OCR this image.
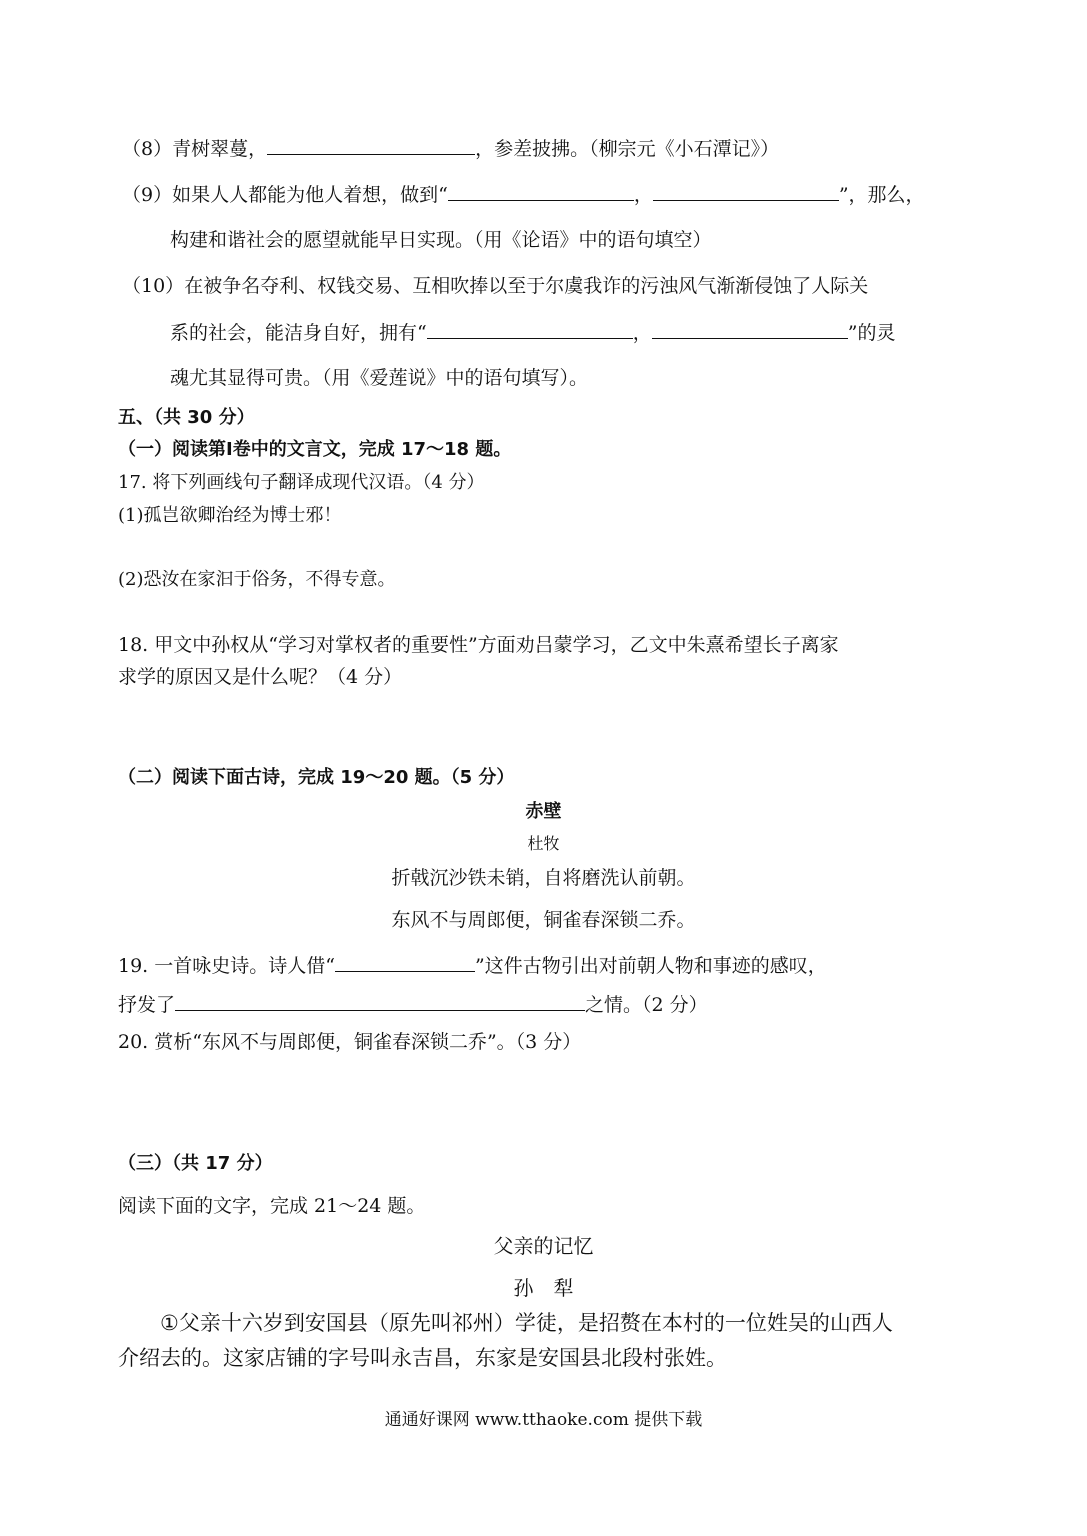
（8）青树翠蔓，	，参差披拂。（柳宗元《小石潭记》）
（9）如果人人都能为他人着想，做到“	，	”，那么，
构建和谐社会的愿望就能早日实现。（用《论语》中的语句填空）
（10）在被争名夺利、权钱交易、互相吹捧以至于尔虞我诈的污浊风气渐渐侵蚀了人际关
系的社会，能洁身自好，拥有“	，	”的灵
魂尤其显得可贵。（用《爱莲说》中的语句填写）。
五、（共 30 分）
（一）阅读第Ⅰ卷中的文言文，完成 17～18 题。
17. 将下列画线句子翻译成现代汉语。（4 分）
(1)孤岂欲卿治经为博士邪！
(2)恐汝在家汩于俗务，不得专意。
18. 甲文中孙权从“学习对掌权者的重要性”方面劝吕蒙学习，乙文中朱熹希望长子离家
求学的原因又是什么呢？（4 分）
（二）阅读下面古诗，完成 19～20 题。（5 分）
赤壁
杜牧
折戟沉沙铁未销，自将磨洗认前朝。
东风不与周郎便，铜雀春深锁二乔。
19. 一首咏史诗。诗人借“	”这件古物引出对前朝人物和事迹的感叹，
抒发了	之情。（2 分）
20. 赏析“东风不与周郎便，铜雀春深锁二乔”。（3 分）
（三）（共 17 分）
阅读下面的文字，完成 21～24 题。
父亲的记忆
孙　犁
①父亲十六岁到安国县（原先叫祁州）学徒，是招赘在本村的一位姓吴的山西人
介绍去的。这家店铺的字号叫永吉昌，东家是安国县北段村张姓。
通通好课网 www.tthaoke.com 提供下载
